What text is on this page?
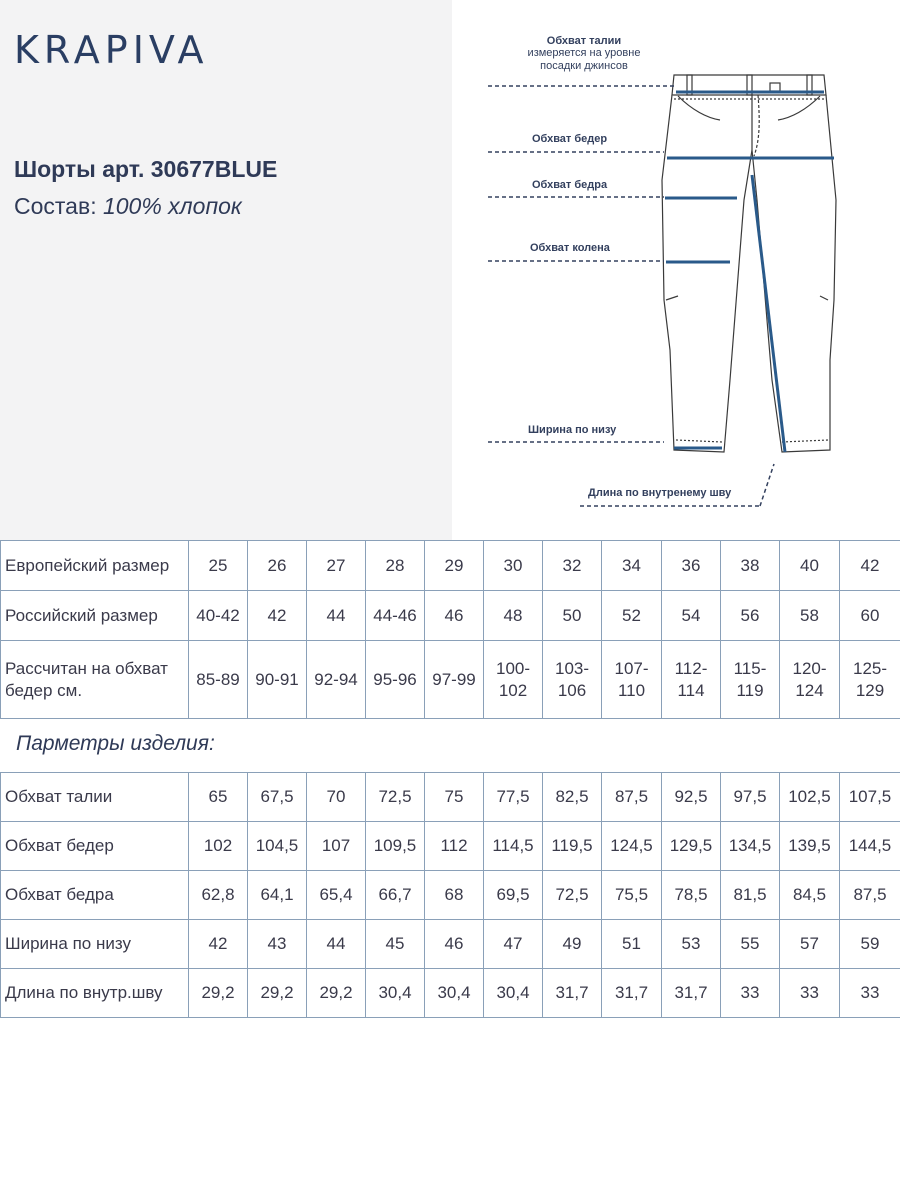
KRAPIVA
Шорты арт. 30677BLUE
Состав: 100% хлопок
Обхват талии
измеряется на уровне
посадки джинсов
Обхват бедер
Обхват бедра
Обхват колена
Ширина по низу
Длина по внутренему шву
Европейский размер	25	26	27	28	29	30	32	34	36	38	40	42
Российский размер	40-42	42	44	44-46	46	48	50	52	54	56	58	60
Рассчитан на обхват бедер см.	85-89	90-91	92-94	95-96	97-99	100-102	103-106	107-110	112-114	115-119	120-124	125-129
Парметры изделия:
Обхват талии	65	67,5	70	72,5	75	77,5	82,5	87,5	92,5	97,5	102,5	107,5
Обхват бедер	102	104,5	107	109,5	112	114,5	119,5	124,5	129,5	134,5	139,5	144,5
Обхват бедра	62,8	64,1	65,4	66,7	68	69,5	72,5	75,5	78,5	81,5	84,5	87,5
Ширина по низу	42	43	44	45	46	47	49	51	53	55	57	59
Длина по внутр.шву	29,2	29,2	29,2	30,4	30,4	30,4	31,7	31,7	31,7	33	33	33
